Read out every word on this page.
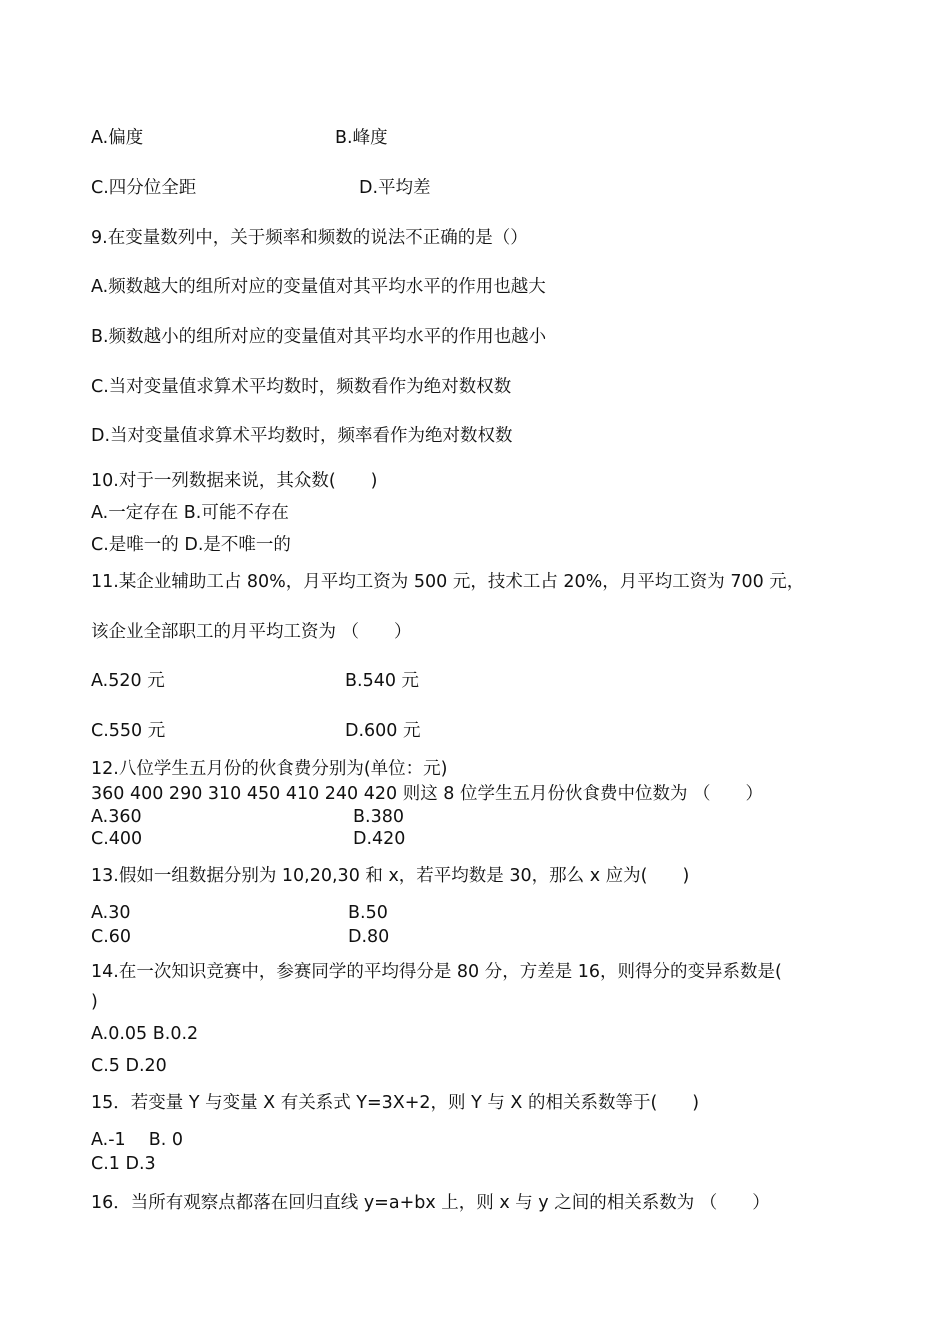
A.偏度	B.峰度
C.四分位全距	D.平均差
9.在变量数列中，关于频率和频数的说法不正确的是（）
A.频数越大的组所对应的变量值对其平均水平的作用也越大
B.频数越小的组所对应的变量值对其平均水平的作用也越小
C.当对变量值求算术平均数时，频数看作为绝对数权数
D.当对变量值求算术平均数时，频率看作为绝对数权数
10.对于一列数据来说，其众数(　　)
A.一定存在 B.可能不存在
C.是唯一的 D.是不唯一的
11.某企业辅助工占 80%，月平均工资为 500 元，技术工占 20%，月平均工资为 700 元，
该企业全部职工的月平均工资为 （　　）
A.520 元	B.540 元
C.550 元	D.600 元
12.八位学生五月份的伙食费分别为(单位：元)
360 400 290 310 450 410 240 420 则这 8 位学生五月份伙食费中位数为 （　　）
A.360	B.380
C.400	D.420
13.假如一组数据分别为 10,20,30 和 x，若平均数是 30，那么 x 应为(　　)
A.30	B.50
C.60	D.80
14.在一次知识竞赛中，参赛同学的平均得分是 80 分，方差是 16，则得分的变异系数是(
)
A.0.05 B.0.2
C.5 D.20
15．若变量 Y 与变量 X 有关系式 Y=3X+2，则 Y 与 X 的相关系数等于(　　)
A.-1　 B. 0
C.1 D.3
16．当所有观察点都落在回归直线 y=a+bx 上，则 x 与 y 之间的相关系数为 （　　）
